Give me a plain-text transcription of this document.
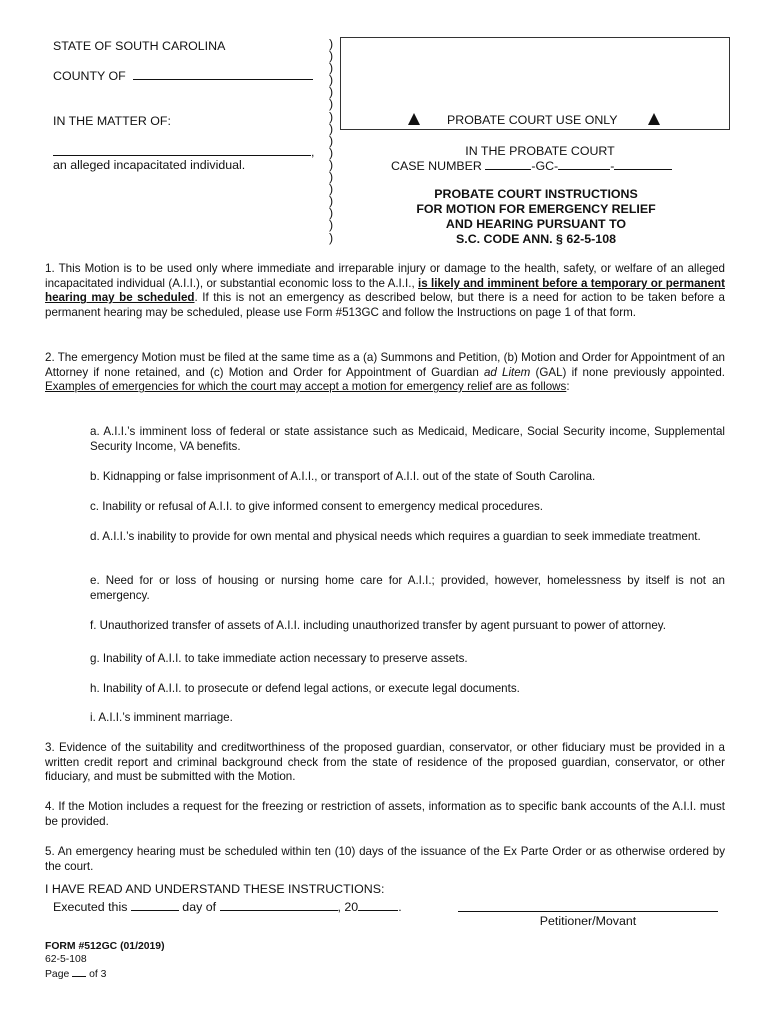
STATE OF SOUTH CAROLINA
COUNTY OF
IN THE MATTER OF:
,
an alleged incapacitated individual.
)
)
)
)
)
)
)
)
)
)
)
)
)
)
)
)
)
PROBATE COURT USE ONLY
IN THE PROBATE COURT
CASE NUMBER	-GC-	-
PROBATE COURT INSTRUCTIONS
FOR MOTION FOR EMERGENCY RELIEF
AND HEARING PURSUANT TO
S.C. CODE ANN. § 62-5-108
1. This Motion is to be used only where immediate and irreparable injury or damage to the health, safety, or welfare of an alleged incapacitated individual (A.I.I.), or substantial economic loss to the A.I.I., is likely and imminent before a temporary or permanent hearing may be scheduled. If this is not an emergency as described below, but there is a need for action to be taken before a permanent hearing may be scheduled, please use Form #513GC and follow the Instructions on page 1 of that form.
2. The emergency Motion must be filed at the same time as a (a) Summons and Petition, (b) Motion and Order for Appointment of an Attorney if none retained, and (c) Motion and Order for Appointment of Guardian ad Litem (GAL) if none previously appointed. Examples of emergencies for which the court may accept a motion for emergency relief are as follows:
a. A.I.I.’s imminent loss of federal or state assistance such as Medicaid, Medicare, Social Security income, Supplemental Security Income, VA benefits.
b. Kidnapping or false imprisonment of A.I.I., or transport of A.I.I. out of the state of South Carolina.
c. Inability or refusal of A.I.I. to give informed consent to emergency medical procedures.
d. A.I.I.’s inability to provide for own mental and physical needs which requires a guardian to seek immediate treatment.
e. Need for or loss of housing or nursing home care for A.I.I.; provided, however, homelessness by itself is not an emergency.
f. Unauthorized transfer of assets of A.I.I. including unauthorized transfer by agent pursuant to power of attorney.
g. Inability of A.I.I. to take immediate action necessary to preserve assets.
h. Inability of A.I.I. to prosecute or defend legal actions, or execute legal documents.
i. A.I.I.’s imminent marriage.
3. Evidence of the suitability and creditworthiness of the proposed guardian, conservator, or other fiduciary must be provided in a written credit report and criminal background check from the state of residence of the proposed guardian, conservator, or other fiduciary, and must be submitted with the Motion.
4. If the Motion includes a request for the freezing or restriction of assets, information as to specific bank accounts of the A.I.I. must be provided.
5. An emergency hearing must be scheduled within ten (10) days of the issuance of the Ex Parte Order or as otherwise ordered by the court.
I HAVE READ AND UNDERSTAND THESE INSTRUCTIONS:
Executed this	day of	, 20	.
Petitioner/Movant
FORM #512GC (01/2019)
62-5-108
Page of 3
